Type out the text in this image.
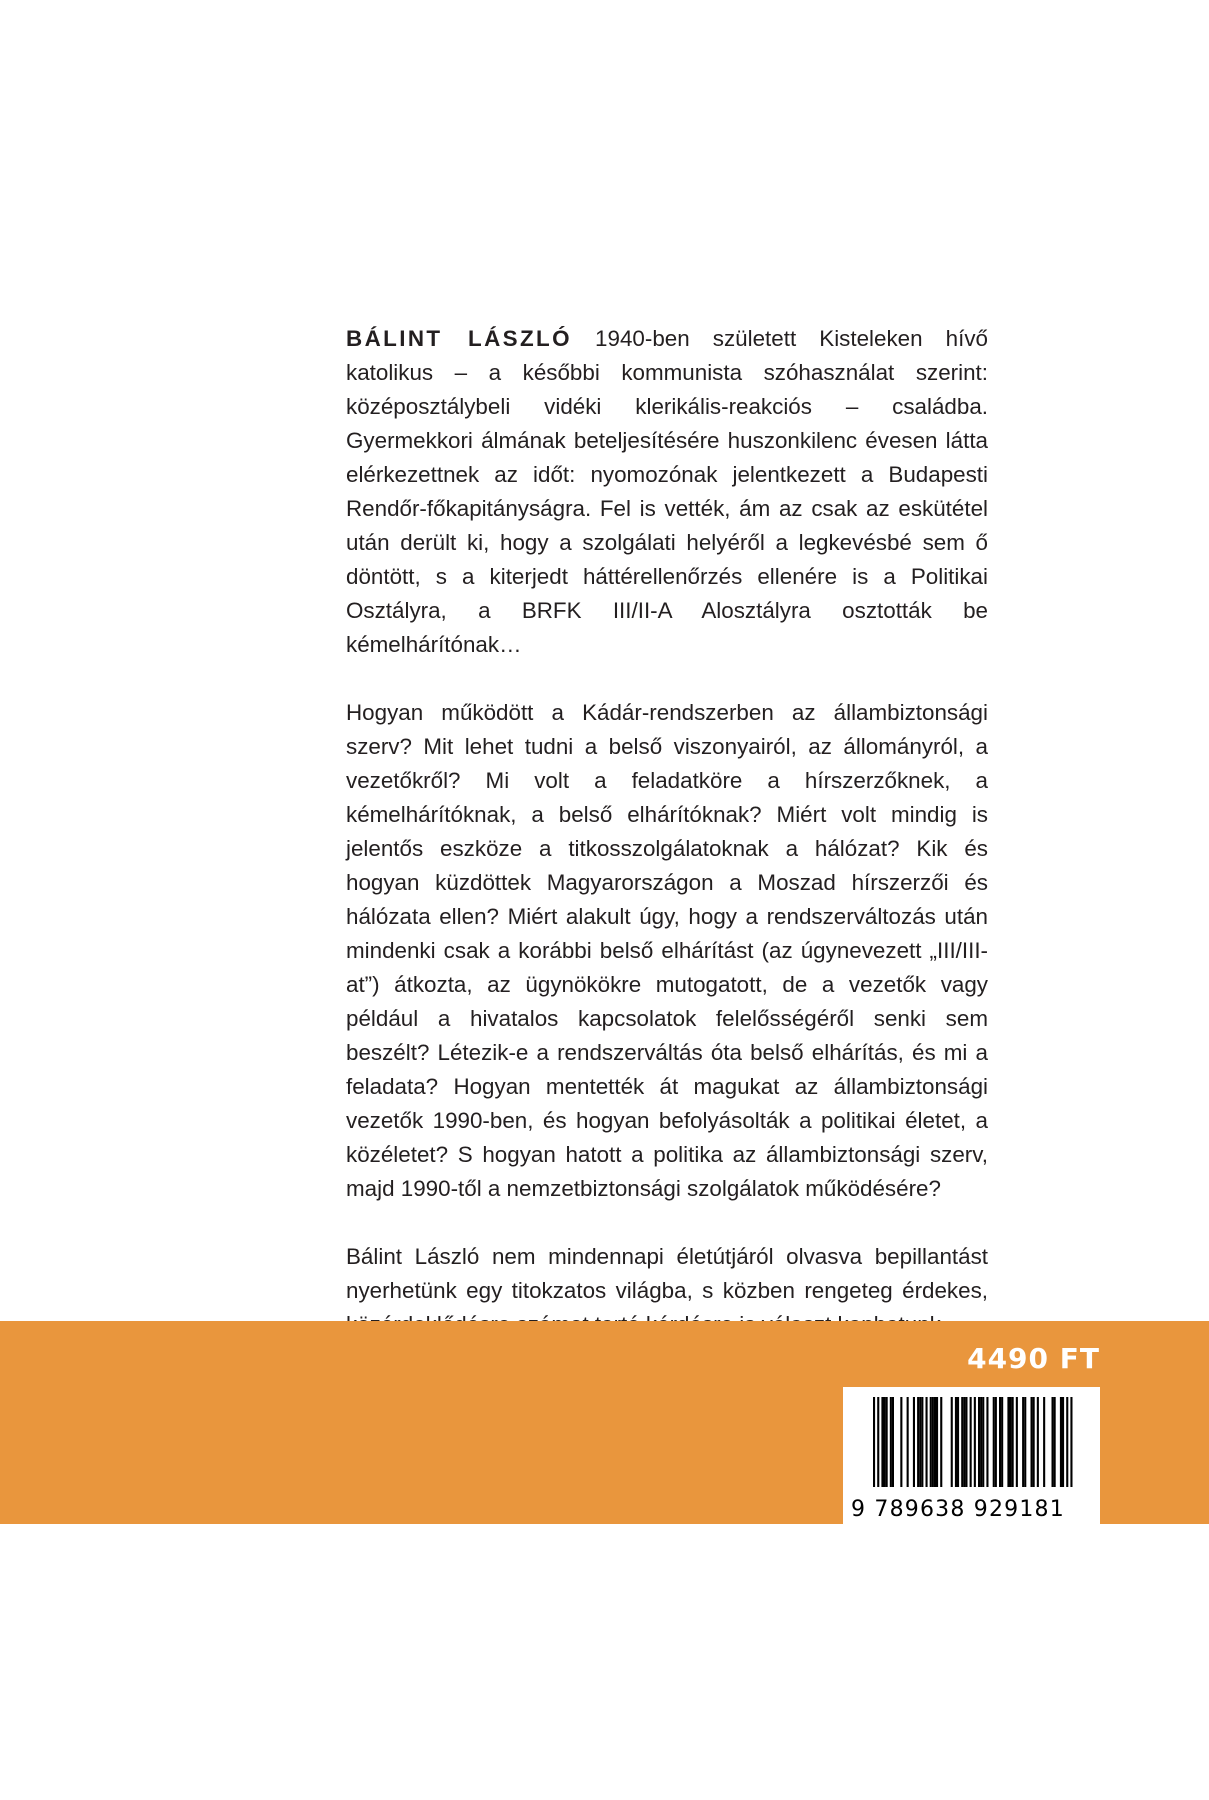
BÁLINT LÁSZLÓ 1940-ben született Kisteleken hívő katolikus – a későbbi kommunista szóhasználat szerint: középosztálybeli vidéki klerikális-reakciós – családba. Gyermekkori álmának beteljesítésére huszonkilenc évesen látta elérkezettnek az időt: nyomozónak jelentkezett a Budapesti Rendőr-főkapitányságra. Fel is vették, ám az csak az eskütétel után derült ki, hogy a szolgálati helyéről a legkevésbé sem ő döntött, s a kiterjedt háttérellenőrzés ellenére is a Politikai Osztályra, a BRFK III/II-A Alosztályra osztották be kémelhárítónak…

Hogyan működött a Kádár-rendszerben az állambiztonsági szerv? Mit lehet tudni a belső viszonyairól, az állományról, a vezetőkről? Mi volt a feladatköre a hírszerzőknek, a kémelhárítóknak, a belső elhárítóknak? Miért volt mindig is jelentős eszköze a titkosszolgálatoknak a hálózat? Kik és hogyan küzdöttek Magyarországon a Moszad hírszerzői és hálózata ellen? Miért alakult úgy, hogy a rendszerváltozás után mindenki csak a korábbi belső elhárítást (az úgynevezett „III/III-at”) átkozta, az ügynökökre mutogatott, de a vezetők vagy például a hivatalos kapcsolatok felelősségéről senki sem beszélt? Létezik-e a rendszerváltás óta belső elhárítás, és mi a feladata? Hogyan mentették át magukat az állambiztonsági vezetők 1990-ben, és hogyan befolyásolták a politikai életet, a közéletet? S hogyan hatott a politika az állambiztonsági szerv, majd 1990-től a nemzetbiztonsági szolgálatok működésére?

Bálint László nem mindennapi életútjáról olvasva bepillantást nyerhetünk egy titokzatos világba, s közben rengeteg érdekes,

4490 FT
9 789638 929181
